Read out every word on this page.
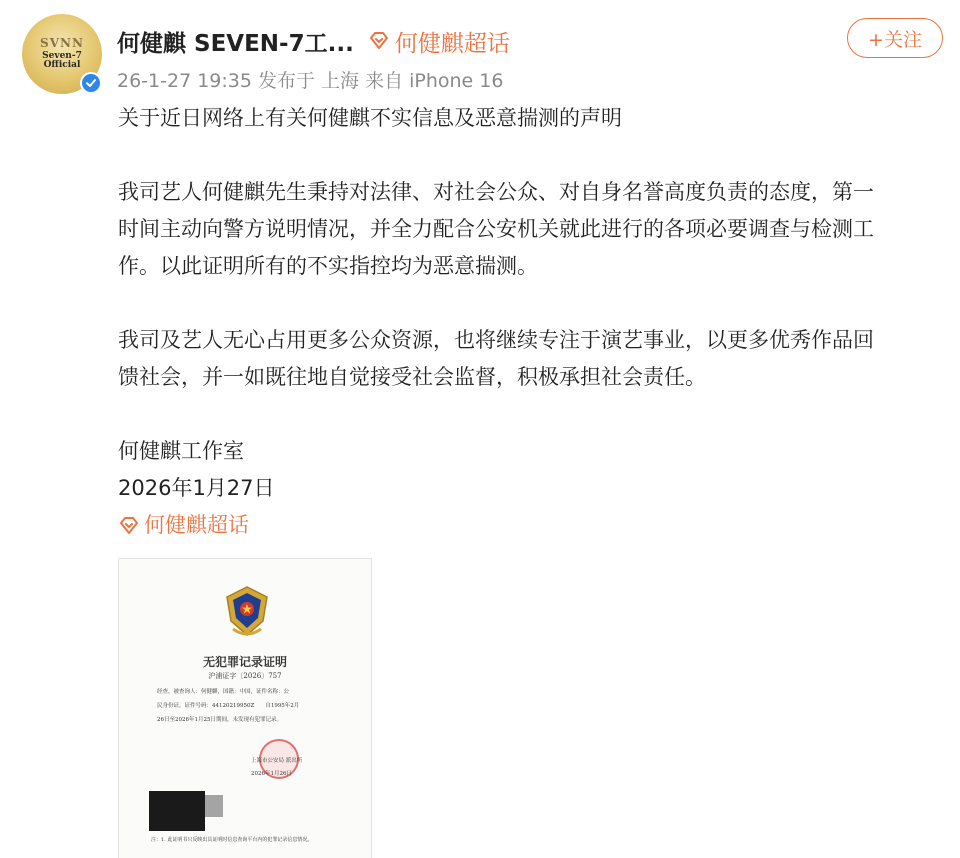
SVNN
Seven-7
Official
何健麒 SEVEN-7工... 何健麒超话
26-1-27 19:35 发布于 上海 来自 iPhone 16
+关注

关于近日网络上有关何健麒不实信息及恶意揣测的声明

我司艺人何健麒先生秉持对法律、对社会公众、对自身名誉高度负责的态度，第一

时间主动向警方说明情况，并全力配合公安机关就此进行的各项必要调查与检测工

作。以此证明所有的不实指控均为恶意揣测。

我司及艺人无心占用更多公众资源，也将继续专注于演艺事业，以更多优秀作品回

馈社会，并一如既往地自觉接受社会监督，积极承担社会责任。

何健麒工作室

2026年1月27日

何健麒超话

无犯罪记录证明
沪浦证字〔2026〕757
经查，被查询人：何健麒，国籍：中国，证件名称：公
民身份证，证件号码：44120219950Z　　自1995年2月
26日至2026年1月25日期间，未发现有犯罪记录。
上海市公安局 派出所
2026年1月26日
注：1. 此证明书只反映出具证明时信息查询平台内的犯罪记录信息情况。
